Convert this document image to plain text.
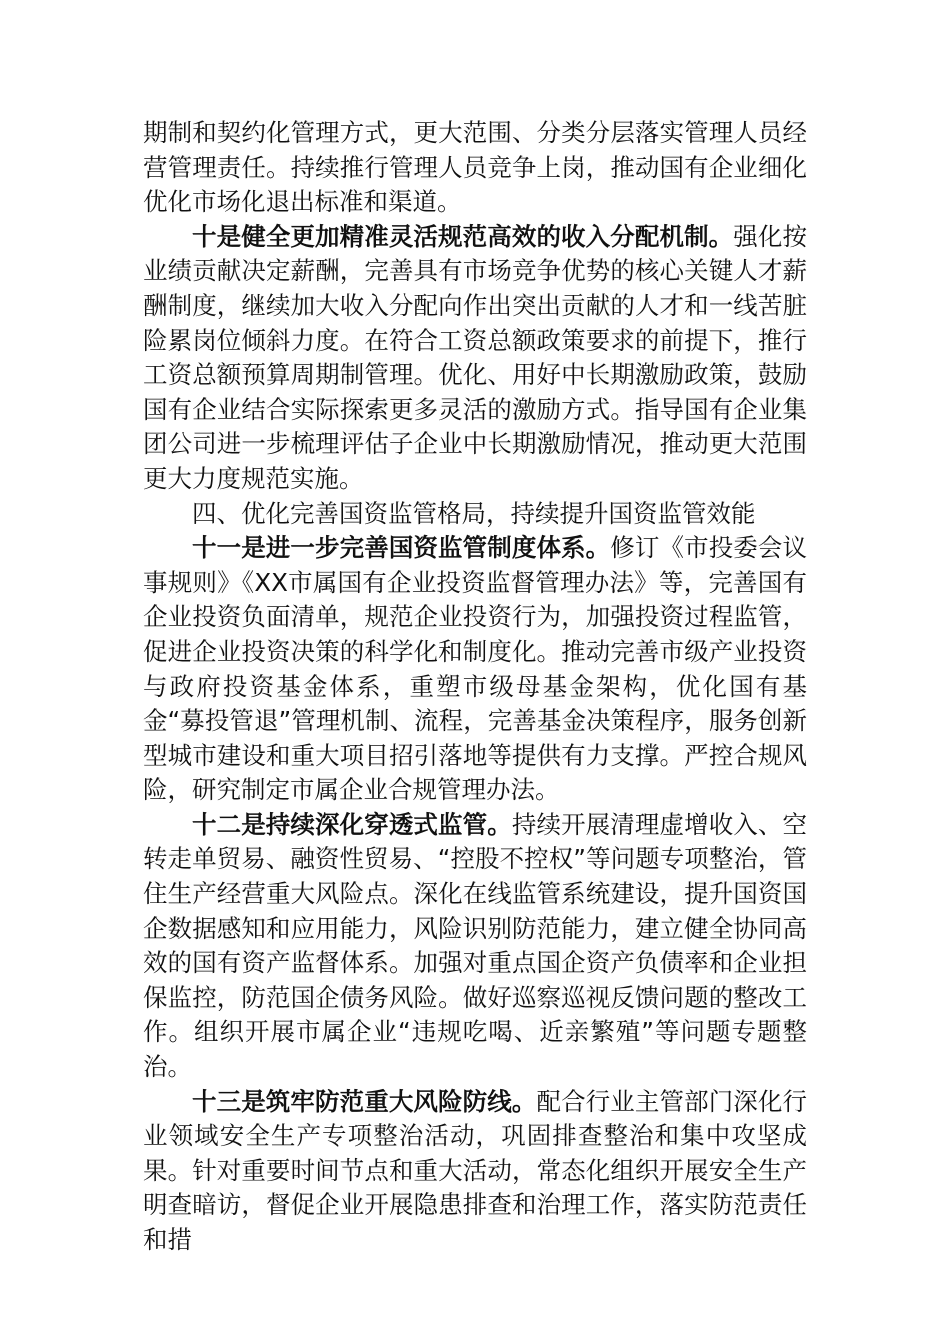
期制和契约化管理方式，更大范围、分类分层落实管理人员经营管理责任。持续推行管理人员竞争上岗，推动国有企业细化优化市场化退出标准和渠道。

十是健全更加精准灵活规范高效的收入分配机制。强化按业绩贡献决定薪酬，完善具有市场竞争优势的核心关键人才薪酬制度，继续加大收入分配向作出突出贡献的人才和一线苦脏险累岗位倾斜力度。在符合工资总额政策要求的前提下，推行工资总额预算周期制管理。优化、用好中长期激励政策，鼓励国有企业结合实际探索更多灵活的激励方式。指导国有企业集团公司进一步梳理评估子企业中长期激励情况，推动更大范围更大力度规范实施。

四、优化完善国资监管格局，持续提升国资监管效能

十一是进一步完善国资监管制度体系。修订《市投委会议事规则》《XX市属国有企业投资监督管理办法》等，完善国有企业投资负面清单，规范企业投资行为，加强投资过程监管，促进企业投资决策的科学化和制度化。推动完善市级产业投资与政府投资基金体系，重塑市级母基金架构，优化国有基金“募投管退”管理机制、流程，完善基金决策程序，服务创新型城市建设和重大项目招引落地等提供有力支撑。严控合规风险，研究制定市属企业合规管理办法。

十二是持续深化穿透式监管。持续开展清理虚增收入、空转走单贸易、融资性贸易、“控股不控权”等问题专项整治，管住生产经营重大风险点。深化在线监管系统建设，提升国资国企数据感知和应用能力，风险识别防范能力，建立健全协同高效的国有资产监督体系。加强对重点国企资产负债率和企业担保监控，防范国企债务风险。做好巡察巡视反馈问题的整改工作。组织开展市属企业“违规吃喝、近亲繁殖”等问题专题整治。

十三是筑牢防范重大风险防线。配合行业主管部门深化行业领域安全生产专项整治活动，巩固排查整治和集中攻坚成果。针对重要时间节点和重大活动，常态化组织开展安全生产明查暗访，督促企业开展隐患排查和治理工作，落实防范责任和措
